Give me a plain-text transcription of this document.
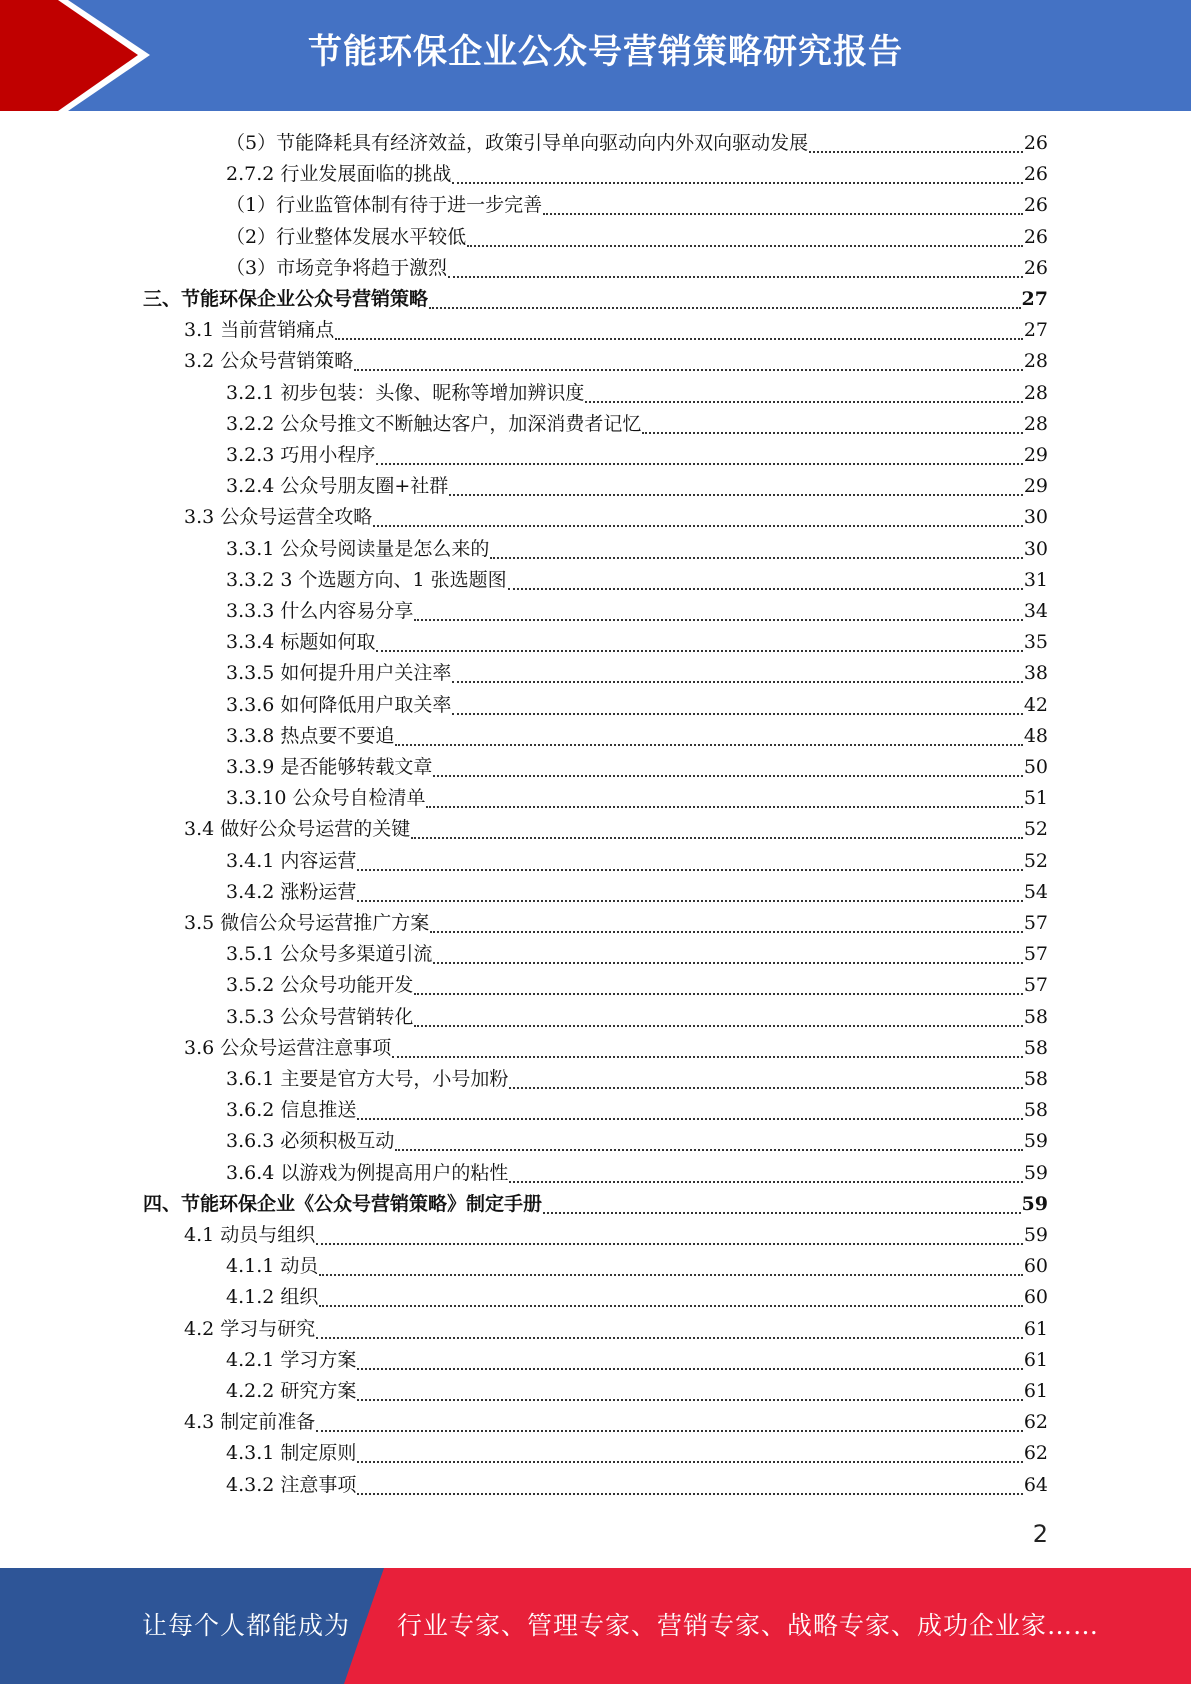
节能环保企业公众号营销策略研究报告
（5）节能降耗具有经济效益，政策引导单向驱动向内外双向驱动发展	26
2.7.2 行业发展面临的挑战	26
（1）行业监管体制有待于进一步完善	26
（2）行业整体发展水平较低	26
（3）市场竞争将趋于激烈	26
三、节能环保企业公众号营销策略	27
3.1 当前营销痛点	27
3.2 公众号营销策略	28
3.2.1 初步包装：头像、昵称等增加辨识度	28
3.2.2 公众号推文不断触达客户，加深消费者记忆	28
3.2.3 巧用小程序	29
3.2.4 公众号朋友圈+社群	29
3.3 公众号运营全攻略	30
3.3.1 公众号阅读量是怎么来的	30
3.3.2 3 个选题方向、1 张选题图	31
3.3.3 什么内容易分享	34
3.3.4 标题如何取	35
3.3.5 如何提升用户关注率	38
3.3.6 如何降低用户取关率	42
3.3.8 热点要不要追	48
3.3.9 是否能够转载文章	50
3.3.10 公众号自检清单	51
3.4 做好公众号运营的关键	52
3.4.1 内容运营	52
3.4.2 涨粉运营	54
3.5 微信公众号运营推广方案	57
3.5.1 公众号多渠道引流	57
3.5.2 公众号功能开发	57
3.5.3 公众号营销转化	58
3.6 公众号运营注意事项	58
3.6.1 主要是官方大号，小号加粉	58
3.6.2 信息推送	58
3.6.3 必须积极互动	59
3.6.4 以游戏为例提高用户的粘性	59
四、节能环保企业《公众号营销策略》制定手册	59
4.1 动员与组织	59
4.1.1 动员	60
4.1.2 组织	60
4.2 学习与研究	61
4.2.1 学习方案	61
4.2.2 研究方案	61
4.3 制定前准备	62
4.3.1 制定原则	62
4.3.2 注意事项	64
2
让每个人都能成为 行业专家、管理专家、营销专家、战略专家、成功企业家……
